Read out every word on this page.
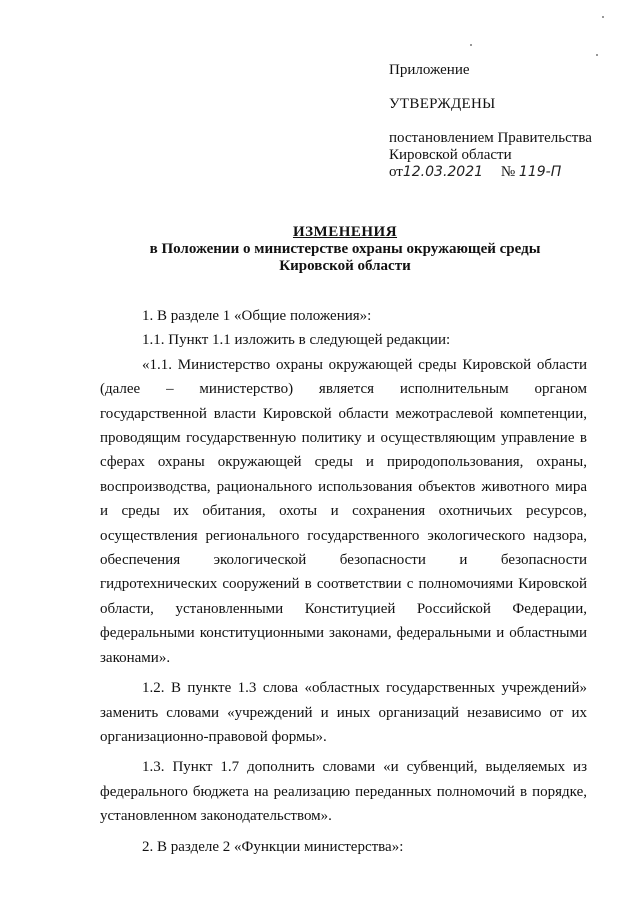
Приложение
УТВЕРЖДЕНЫ
постановлением Правительства
Кировской области
от12.03.2021 № 119-П
ИЗМЕНЕНИЯ
в Положении о министерстве охраны окружающей среды
Кировской области

1. В разделе 1 «Общие положения»:

1.1. Пункт 1.1 изложить в следующей редакции:

«1.1. Министерство охраны окружающей среды Кировской области (далее – министерство) является исполнительным органом государственной власти Кировской области межотраслевой компетенции, проводящим государственную политику и осуществляющим управление в сферах охраны окружающей среды и природопользования, охраны, воспроизводства, рационального использования объектов животного мира и среды их обитания, охоты и сохранения охотничьих ресурсов, осуществления регионального государственного экологического надзора, обеспечения экологической безопасности и безопасности гидротехнических сооружений в соответствии с полномочиями Кировской области, установленными Конституцией Российской Федерации, федеральными конституционными законами, федеральными и областными законами».

1.2. В пункте 1.3 слова «областных государственных учреждений» заменить словами «учреждений и иных организаций независимо от их организационно-правовой формы».

1.3. Пункт 1.7 дополнить словами «и субвенций, выделяемых из федерального бюджета на реализацию переданных полномочий в порядке, установленном законодательством».

2. В разделе 2 «Функции министерства»:
